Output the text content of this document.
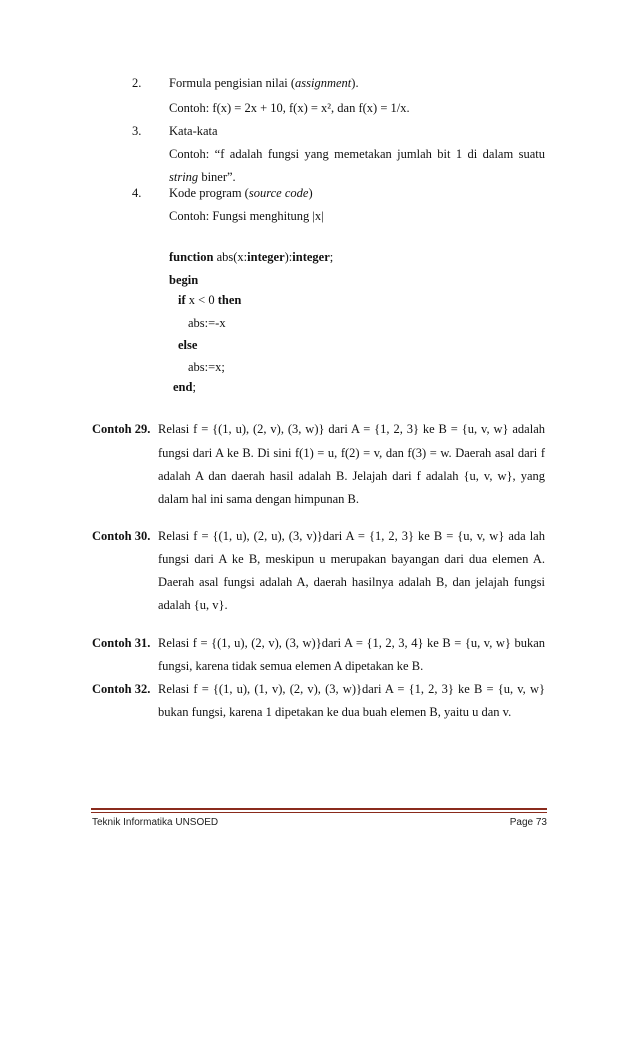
2. Formula pengisian nilai (assignment).
Contoh: f(x) = 2x + 10, f(x) = x², dan f(x) = 1/x.
3. Kata-kata
Contoh: “f adalah fungsi yang memetakan jumlah bit 1 di dalam suatu
string biner”.
4. Kode program (source code)
Contoh: Fungsi menghitung |x|
function abs(x:integer):integer;
begin
if x < 0 then
abs:=-x
else
abs:=x;
end;
Contoh 29. Relasi f = {(1, u), (2, v), (3, w)} dari A = {1, 2, 3} ke B = {u, v, w} adalah
fungsi dari A ke B. Di sini f(1) = u, f(2) = v, dan f(3) = w. Daerah asal dari f
adalah A dan daerah hasil adalah B. Jelajah dari f adalah {u, v, w}, yang
dalam hal ini sama dengan himpunan B.
Contoh 30. Relasi f = {(1, u), (2, u), (3, v)}dari A = {1, 2, 3} ke B = {u, v, w} ada lah
fungsi dari A ke B, meskipun u merupakan bayangan dari dua elemen A.
Daerah asal fungsi adalah A, daerah hasilnya adalah B, dan jelajah fungsi
adalah {u, v}.
Contoh 31. Relasi f = {(1, u), (2, v), (3, w)}dari A = {1, 2, 3, 4} ke B = {u, v, w} bukan
fungsi, karena tidak semua elemen A dipetakan ke B.
Contoh 32. Relasi f = {(1, u), (1, v), (2, v), (3, w)}dari A = {1, 2, 3} ke B = {u, v, w}
bukan fungsi, karena 1 dipetakan ke dua buah elemen B, yaitu u dan v.
Teknik Informatika UNSOED	Page 73
